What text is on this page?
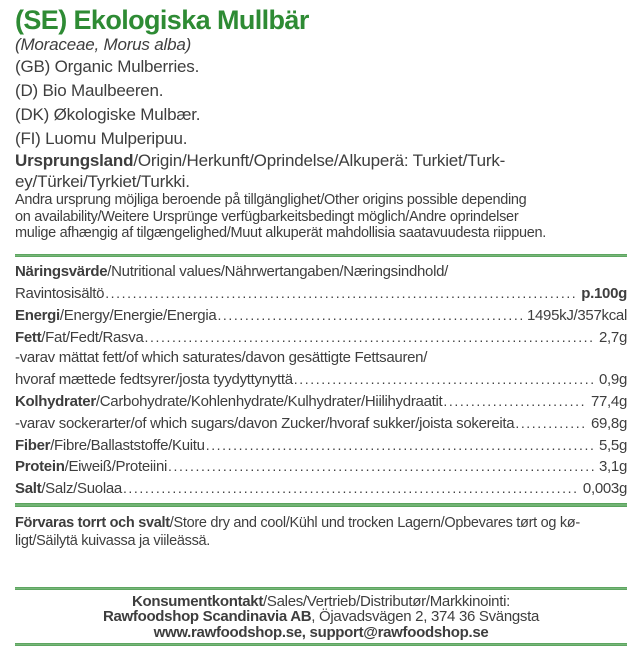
(SE) Ekologiska Mullbär
(Moraceae, Morus alba)
(GB) Organic Mulberries.
(D) Bio Maulbeeren.
(DK) Økologiske Mulbær.
(FI) Luomu Mulperipuu.
Ursprungsland/Origin/Herkunft/Oprindelse/Alkuperä: Turkiet/Turk-
ey/Türkei/Tyrkiet/Turkki.
Andra ursprung möjliga beroende på tillgänglighet/Other origins possible depending
on availability/Weitere Ursprünge verfügbarkeitsbedingt möglich/Andre oprindelser
mulige afhængig af tilgængelighed/Muut alkuperät mahdollisia saatavuudesta riippuen.
Näringsvärde/Nutritional values/Nährwertangaben/Næringsindhold/
Ravintosisältö .....	p.100g
Energi/Energy/Energie/Energia .....	1495kJ/357kcal
Fett/Fat/Fedt/Rasva .....	2,7g
-varav mättat fett/of which saturates/davon gesättigte Fettsauren/
hvoraf mættede fedtsyrer/josta tyydyttynyttä .....	0,9g
Kolhydrater/Carbohydrate/Kohlenhydrate/Kulhydrater/Hiilihydraatit .....	77,4g
-varav sockerarter/of which sugars/davon Zucker/hvoraf sukker/joista sokereita .....	69,8g
Fiber/Fibre/Ballaststoffe/Kuitu .....	5,5g
Protein/Eiweiß/Proteiini .....	3,1g
Salt/Salz/Suolaa .....	0,003g
Förvaras torrt och svalt/Store dry and cool/Kühl und trocken Lagern/Opbevares tørt og kø-
ligt/Säilytä kuivassa ja viileässä.
Konsumentkontakt/Sales/Vertrieb/Distributør/Markkinointi:
Rawfoodshop Scandinavia AB, Öjavadsvägen 2, 374 36 Svängsta
www.rawfoodshop.se, support@rawfoodshop.se
